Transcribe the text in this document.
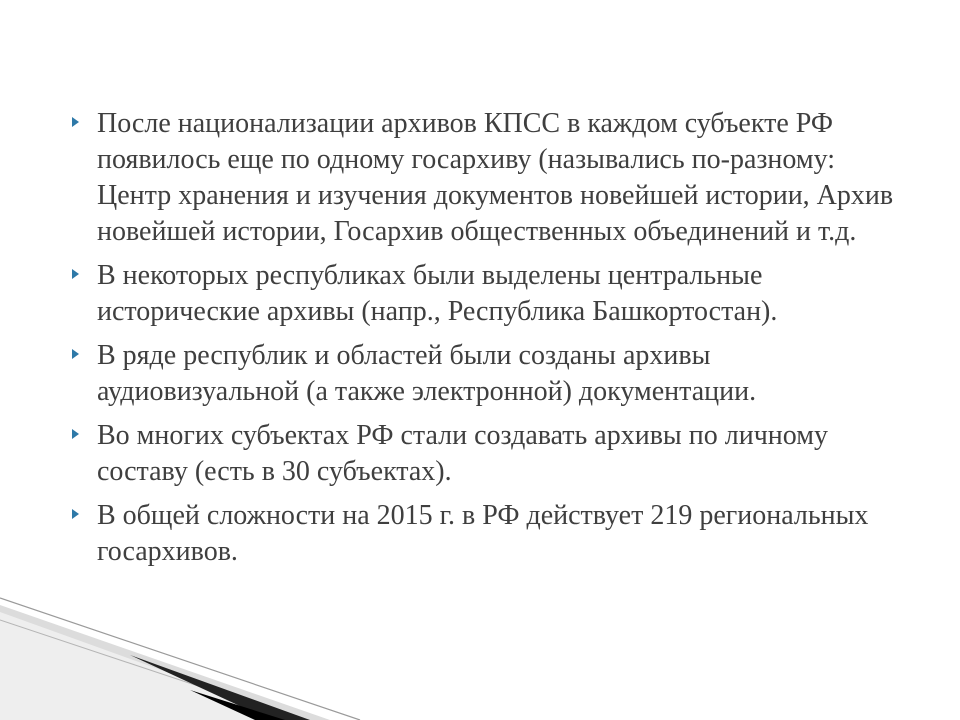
После национализации архивов КПСС в каждом субъекте РФ появилось еще по одному госархиву (назывались по-разному: Центр хранения и изучения документов новейшей истории, Архив новейшей истории, Госархив общественных объединений и т.д.
В некоторых республиках были выделены центральные исторические архивы (напр., Республика Башкортостан).
В ряде республик и областей были созданы архивы аудиовизуальной (а также электронной) документации.
Во многих субъектах РФ стали создавать архивы по личному составу (есть в 30 субъектах).
В общей сложности на 2015 г. в РФ действует 219 региональных госархивов.
